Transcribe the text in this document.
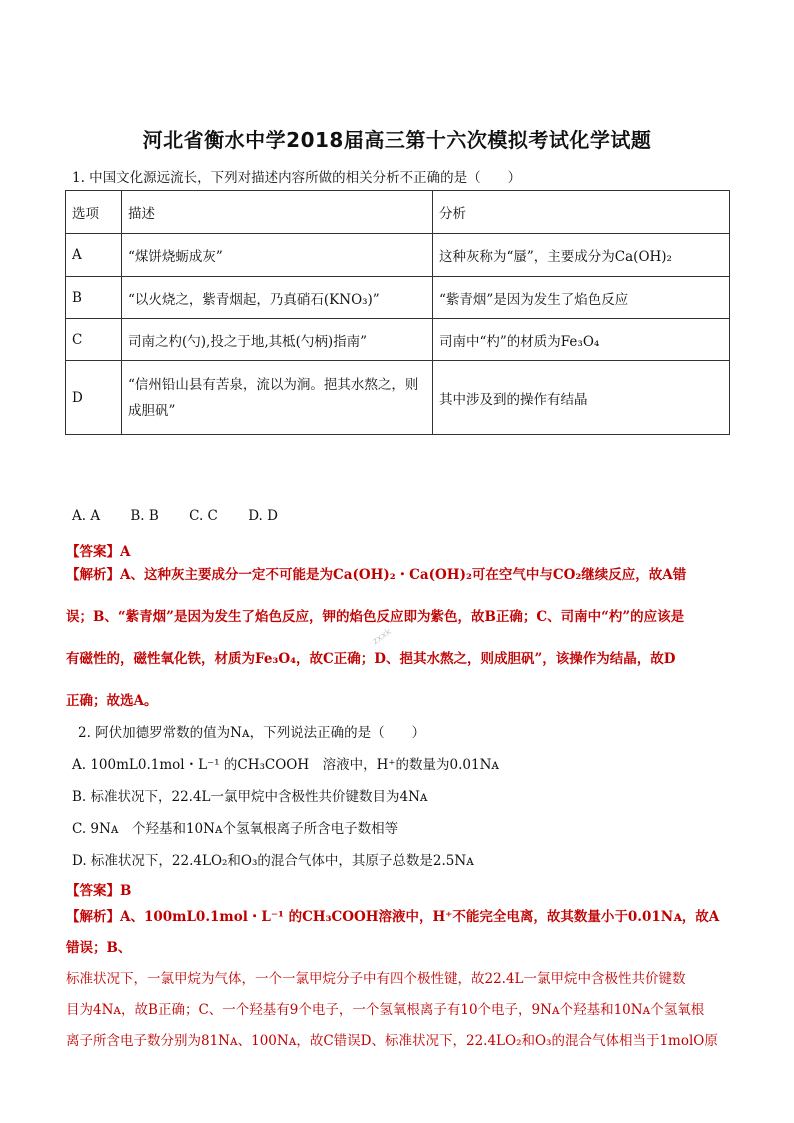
河北省衡水中学2018届高三第十六次模拟考试化学试题
1. 中国文化源远流长，下列对描述内容所做的相关分析不正确的是（　　）
选项	描述	分析
A	“煤饼烧蛎成灰”	这种灰称为“蜃”，主要成分为Ca(OH)₂
B	“以火烧之，紫青烟起，乃真硝石(KNO₃)”	“紫青烟”是因为发生了焰色反应
C	司南之杓(勺),投之于地,其柢(勺柄)指南”	司南中“杓”的材质为Fe₃O₄
D	“信州铅山县有苦泉，流以为涧。挹其水熬之，则成胆矾”	其中涉及到的操作有结晶
A. A B. B C. C D. D
【答案】A
【解析】A、这种灰主要成分一定不可能是为Ca(OH)₂・Ca(OH)₂可在空气中与CO₂继续反应，故A错
误；B、“紫青烟”是因为发生了焰色反应，钾的焰色反应即为紫色，故B正确；C、司南中“杓”的应该是
有磁性的，磁性氧化铁，材质为Fe₃O₄，故C正确；D、挹其水熬之，则成胆矾”，该操作为结晶，故D
正确；故选A。
zxxk
2. 阿伏加德罗常数的值为Nᴀ，下列说法正确的是（　　）
A. 100mL0.1mol・L⁻¹ 的CH₃COOH　溶液中，H⁺的数量为0.01Nᴀ
B. 标准状况下，22.4L一氯甲烷中含极性共价键数目为4Nᴀ
C. 9Nᴀ　个羟基和10Nᴀ个氢氧根离子所含电子数相等
D. 标准状况下，22.4LO₂和O₃的混合气体中，其原子总数是2.5Nᴀ
【答案】B
【解析】A、100mL0.1mol・L⁻¹ 的CH₃COOH溶液中，H⁺不能完全电离，故其数量小于0.01Nᴀ，故A错误；B、
标准状况下，一氯甲烷为气体，一个一氯甲烷分子中有四个极性键，故22.4L一氯甲烷中含极性共价键数
目为4Nᴀ，故B正确；C、一个羟基有9个电子，一个氢氧根离子有10个电子，9Nᴀ个羟基和10Nᴀ个氢氧根
离子所含电子数分别为81Nᴀ、100Nᴀ，故C错误D、标准状况下，22.4LO₂和O₃的混合气体相当于1molO原
